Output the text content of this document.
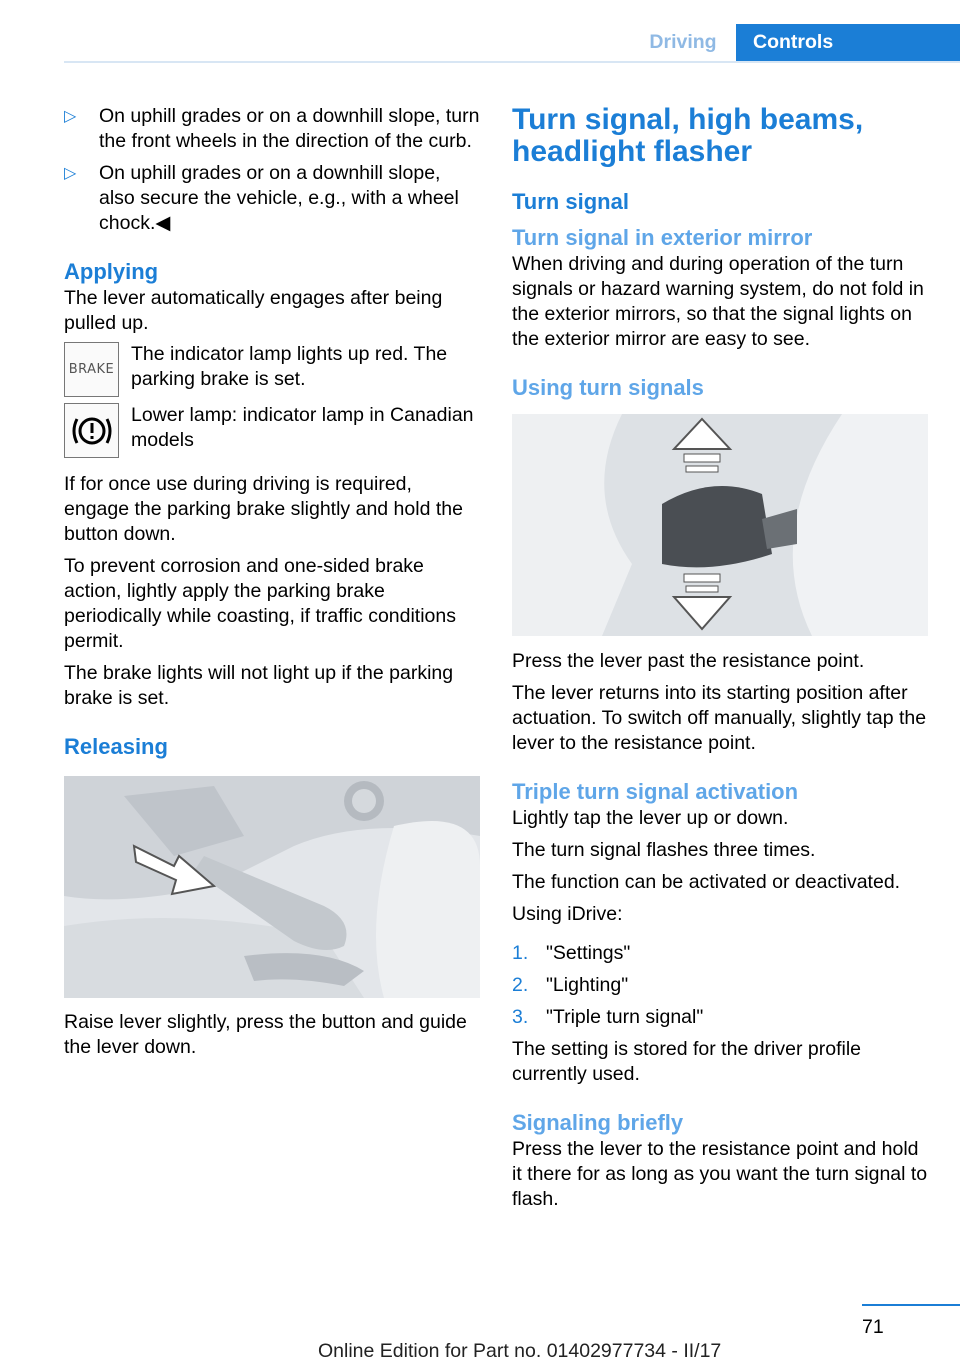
Driving	Controls
▷ On uphill grades or on a downhill slope, turn the front wheels in the direction of the curb.
▷ On uphill grades or on a downhill slope, also secure the vehicle, e.g., with a wheel chock.◀
Applying

The lever automatically engages after being pulled up.

BRAKE
The indicator lamp lights up red. The parking brake is set.
Lower lamp: indicator lamp in Canadian models

If for once use during driving is required, engage the parking brake slightly and hold the button down.

To prevent corrosion and one-sided brake action, lightly apply the parking brake periodically while coasting, if traffic conditions permit.

The brake lights will not light up if the parking brake is set.

Releasing

Raise lever slightly, press the button and guide the lever down.

Turn signal, high beams, headlight flasher
Turn signal
Turn signal in exterior mirror

When driving and during operation of the turn signals or hazard warning system, do not fold in the exterior mirrors, so that the signal lights on the exterior mirror are easy to see.

Using turn signals

Press the lever past the resistance point.

The lever returns into its starting position after actuation. To switch off manually, slightly tap the lever to the resistance point.

Triple turn signal activation

Lightly tap the lever up or down.

The turn signal flashes three times.

The function can be activated or deactivated.

Using iDrive:

1. "Settings"
2. "Lighting"
3. "Triple turn signal"

The setting is stored for the driver profile currently used.

Signaling briefly

Press the lever to the resistance point and hold it there for as long as you want the turn signal to flash.

71
Online Edition for Part no. 01402977734 - II/17
